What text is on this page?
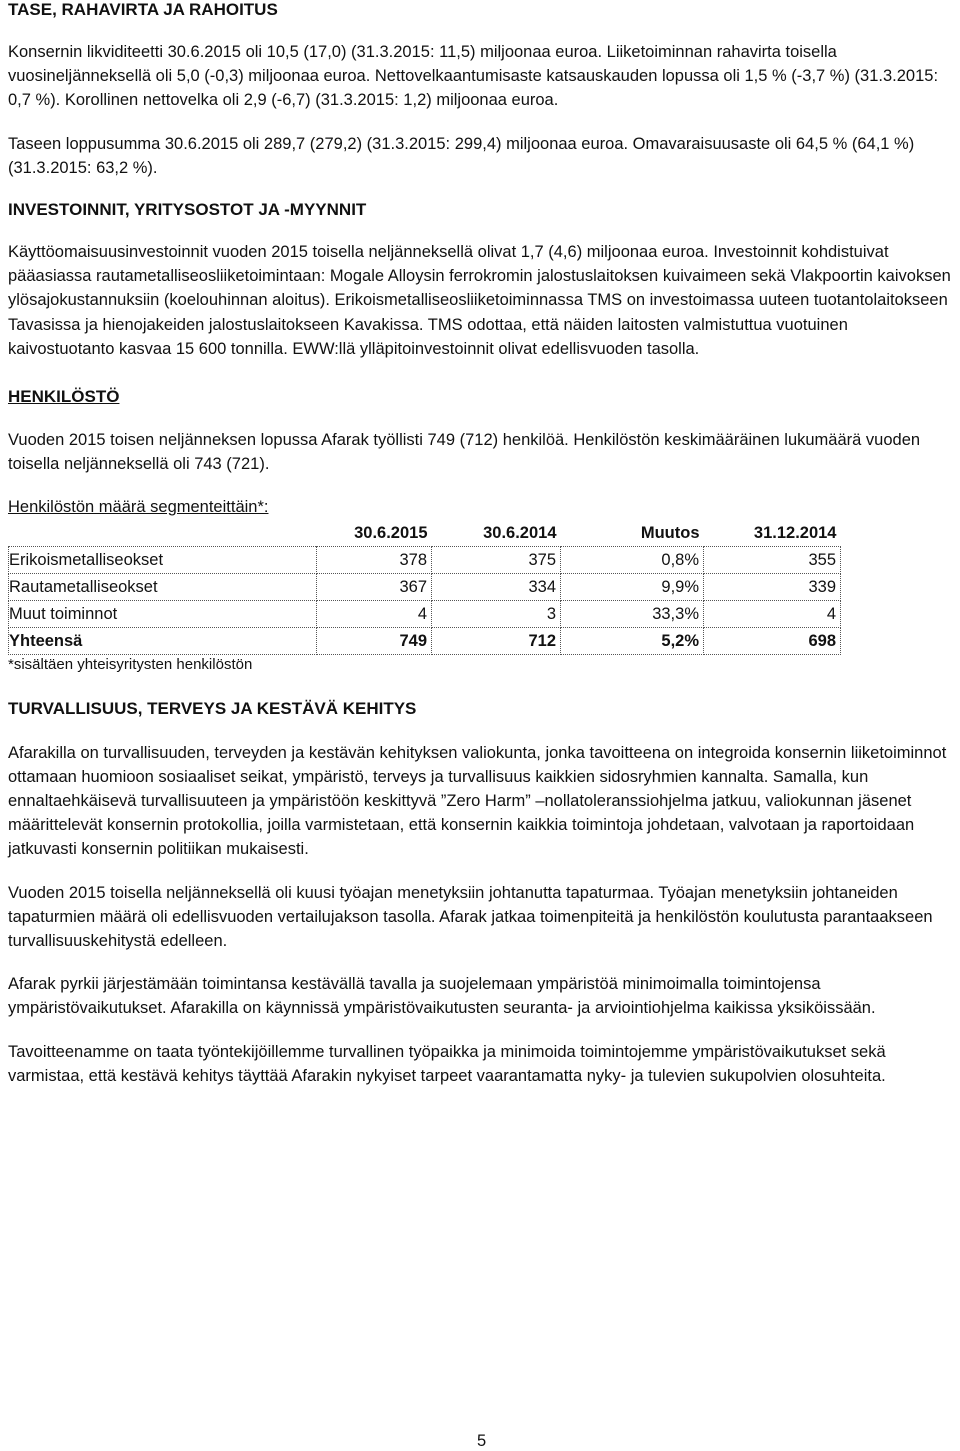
TASE, RAHAVIRTA JA RAHOITUS

Konsernin likviditeetti 30.6.2015 oli 10,5 (17,0) (31.3.2015: 11,5) miljoonaa euroa. Liiketoiminnan rahavirta toisella vuosineljänneksellä oli 5,0 (-0,3) miljoonaa euroa. Nettovelkaantumisaste katsauskauden lopussa oli 1,5 % (-3,7 %) (31.3.2015: 0,7 %). Korollinen nettovelka oli 2,9 (-6,7) (31.3.2015: 1,2) miljoonaa euroa.

Taseen loppusumma 30.6.2015 oli 289,7 (279,2) (31.3.2015: 299,4) miljoonaa euroa. Omavaraisuusaste oli 64,5 % (64,1 %) (31.3.2015: 63,2 %).

INVESTOINNIT, YRITYSOSTOT JA -MYYNNIT

Käyttöomaisuusinvestoinnit vuoden 2015 toisella neljänneksellä olivat 1,7 (4,6) miljoonaa euroa. Investoinnit kohdistuivat pääasiassa rautametalliseosliiketoimintaan: Mogale Alloysin ferrokromin jalostuslaitoksen kuivaimeen sekä Vlakpoortin kaivoksen ylösajokustannuksiin (koelouhinnan aloitus). Erikoismetalliseosliiketoiminnassa TMS on investoimassa uuteen tuotantolaitokseen Tavasissa ja hienojakeiden jalostuslaitokseen Kavakissa. TMS odottaa, että näiden laitosten valmistuttua vuotuinen kaivostuotanto kasvaa 15 600 tonnilla. EWW:llä ylläpitoinvestoinnit olivat edellisvuoden tasolla.

HENKILÖSTÖ

Vuoden 2015 toisen neljänneksen lopussa Afarak työllisti 749 (712) henkilöä. Henkilöstön keskimääräinen lukumäärä vuoden toisella neljänneksellä oli 743 (721).

Henkilöstön määrä segmenteittäin*:

	30.6.2015	30.6.2014	Muutos	31.12.2014
Erikoismetalliseokset	378	375	0,8%	355
Rautametalliseokset	367	334	9,9%	339
Muut toiminnot	4	3	33,3%	4
Yhteensä	749	712	5,2%	698

*sisältäen yhteisyritysten henkilöstön

TURVALLISUUS, TERVEYS JA KESTÄVÄ KEHITYS

Afarakilla on turvallisuuden, terveyden ja kestävän kehityksen valiokunta, jonka tavoitteena on integroida konsernin liiketoiminnot ottamaan huomioon sosiaaliset seikat, ympäristö, terveys ja turvallisuus kaikkien sidosryhmien kannalta. Samalla, kun ennaltaehkäisevä turvallisuuteen ja ympäristöön keskittyvä ”Zero Harm” –nollatoleranssiohjelma jatkuu, valiokunnan jäsenet määrittelevät konsernin protokollia, joilla varmistetaan, että konsernin kaikkia toimintoja johdetaan, valvotaan ja raportoidaan jatkuvasti konsernin politiikan mukaisesti.

Vuoden 2015 toisella neljänneksellä oli kuusi työajan menetyksiin johtanutta tapaturmaa. Työajan menetyksiin johtaneiden tapaturmien määrä oli edellisvuoden vertailujakson tasolla. Afarak jatkaa toimenpiteitä ja henkilöstön koulutusta parantaakseen turvallisuuskehitystä edelleen.

Afarak pyrkii järjestämään toimintansa kestävällä tavalla ja suojelemaan ympäristöä minimoimalla toimintojensa ympäristövaikutukset. Afarakilla on käynnissä ympäristövaikutusten seuranta- ja arviointiohjelma kaikissa yksiköissään.

Tavoitteenamme on taata työntekijöillemme turvallinen työpaikka ja minimoida toimintojemme ympäristövaikutukset sekä varmistaa, että kestävä kehitys täyttää Afarakin nykyiset tarpeet vaarantamatta nyky- ja tulevien sukupolvien olosuhteita.

5
